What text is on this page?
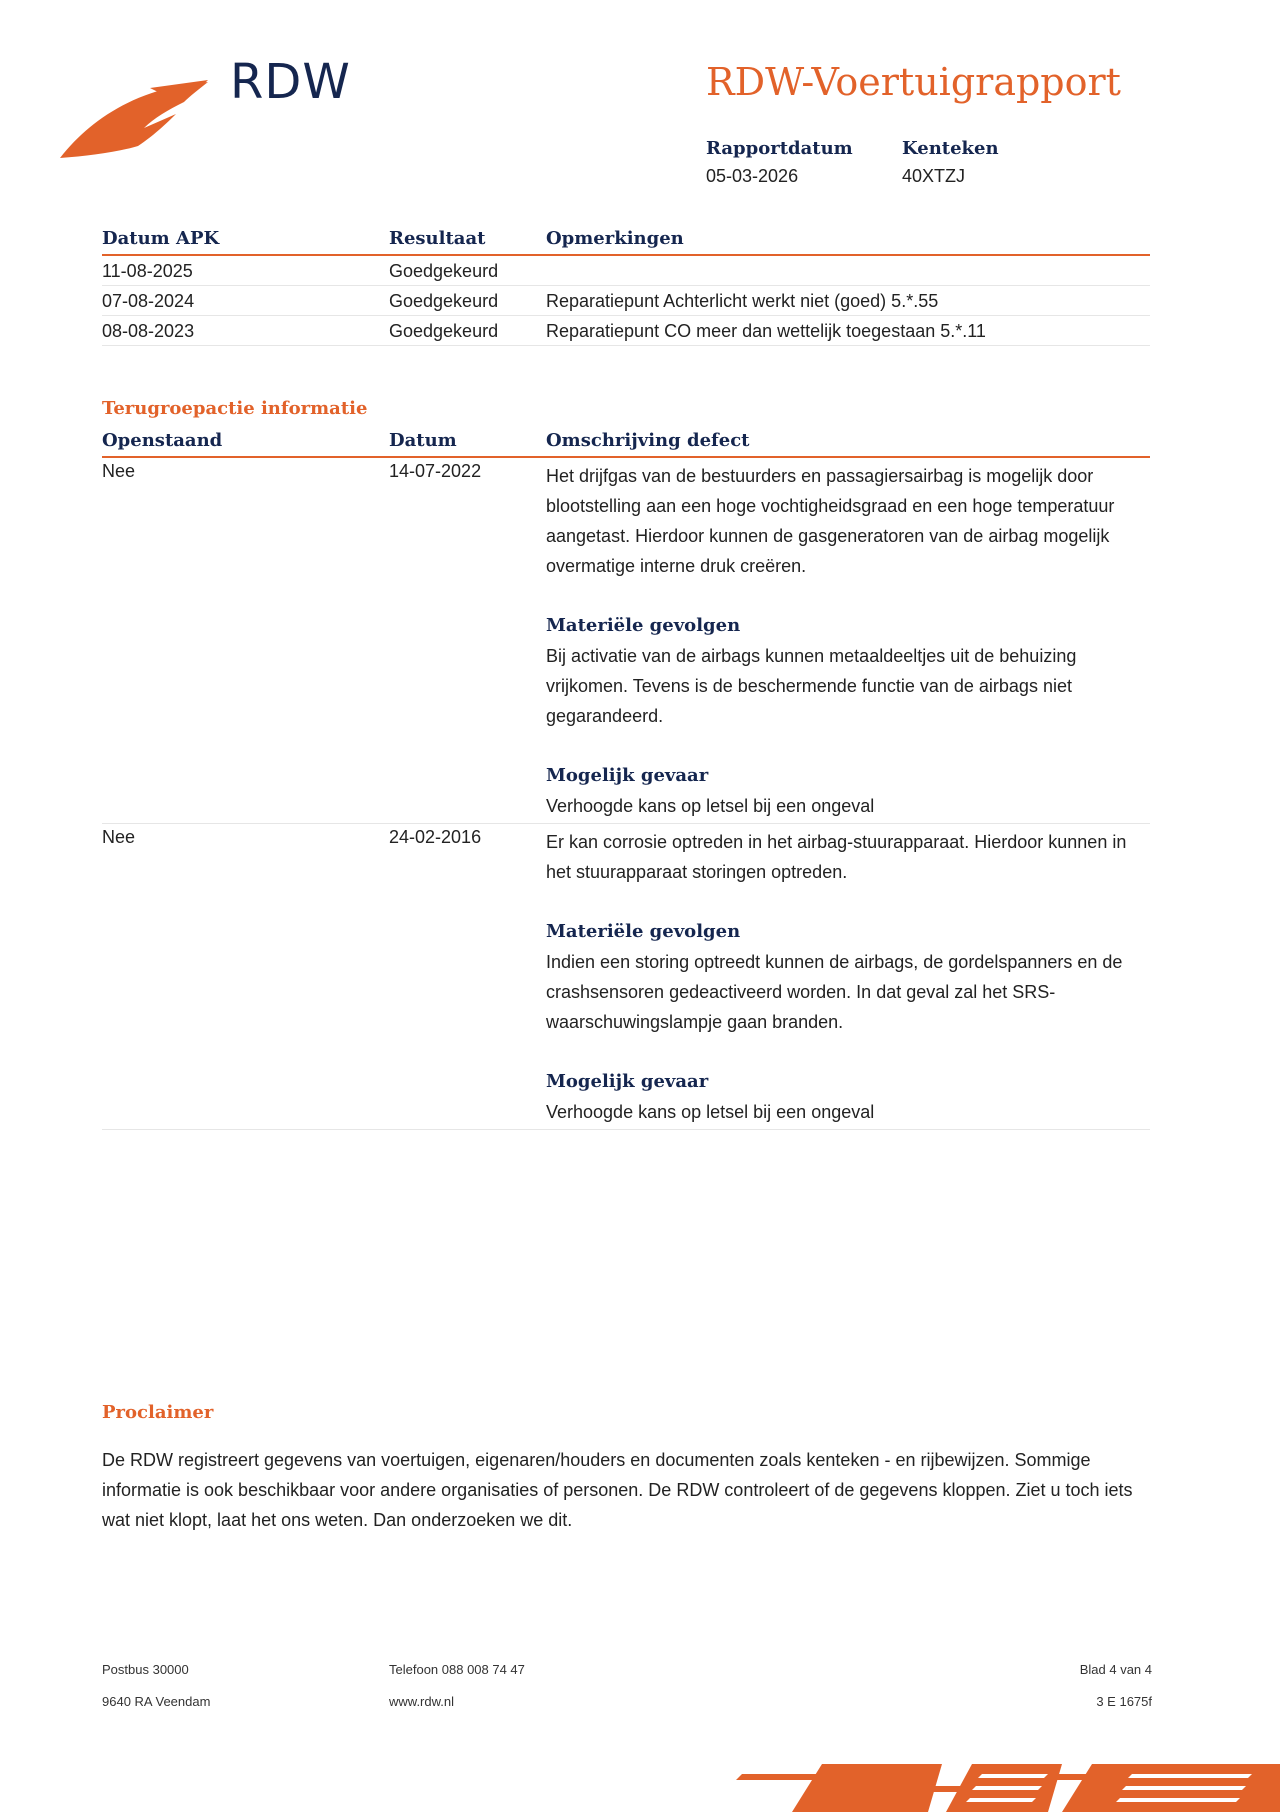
RDW	RDW-Voertuigrapport
Rapportdatum
05-03-2026
Kenteken
40XTZJ
Datum APK	Resultaat	Opmerkingen
11-08-2025	Goedgekeurd
07-08-2024	Goedgekeurd	Reparatiepunt Achterlicht werkt niet (goed) 5.*.55
08-08-2023	Goedgekeurd	Reparatiepunt CO meer dan wettelijk toegestaan 5.*.11
Terugroepactie informatie
Openstaand	Datum	Omschrijving defect
Nee	14-07-2022	Het drijfgas van de bestuurders en passagiersairbag is mogelijk door blootstelling aan een hoge vochtigheidsgraad en een hoge temperatuur aangetast. Hierdoor kunnen de gasgeneratoren van de airbag mogelijk overmatige interne druk creëren.

Materiële gevolgen

Bij activatie van de airbags kunnen metaaldeeltjes uit de behuizing vrijkomen. Tevens is de beschermende functie van de airbags niet gegarandeerd.

Mogelijk gevaar

Verhoogde kans op letsel bij een ongeval

Nee	24-02-2016	Er kan corrosie optreden in het airbag-stuurapparaat. Hierdoor kunnen in het stuurapparaat storingen optreden.

Materiële gevolgen

Indien een storing optreedt kunnen de airbags, de gordelspanners en de crashsensoren gedeactiveerd worden. In dat geval zal het SRS-waarschuwingslampje gaan branden.

Mogelijk gevaar

Verhoogde kans op letsel bij een ongeval

Proclaimer
De RDW registreert gegevens van voertuigen, eigenaren/houders en documenten zoals kenteken - en rijbewijzen. Sommige informatie is ook beschikbaar voor andere organisaties of personen. De RDW controleert of de gegevens kloppen. Ziet u toch iets wat niet klopt, laat het ons weten. Dan onderzoeken we dit.
Postbus 30000
9640 RA Veendam
Telefoon 088 008 74 47
www.rdw.nl
Blad 4 van 4
3 E 1675f
